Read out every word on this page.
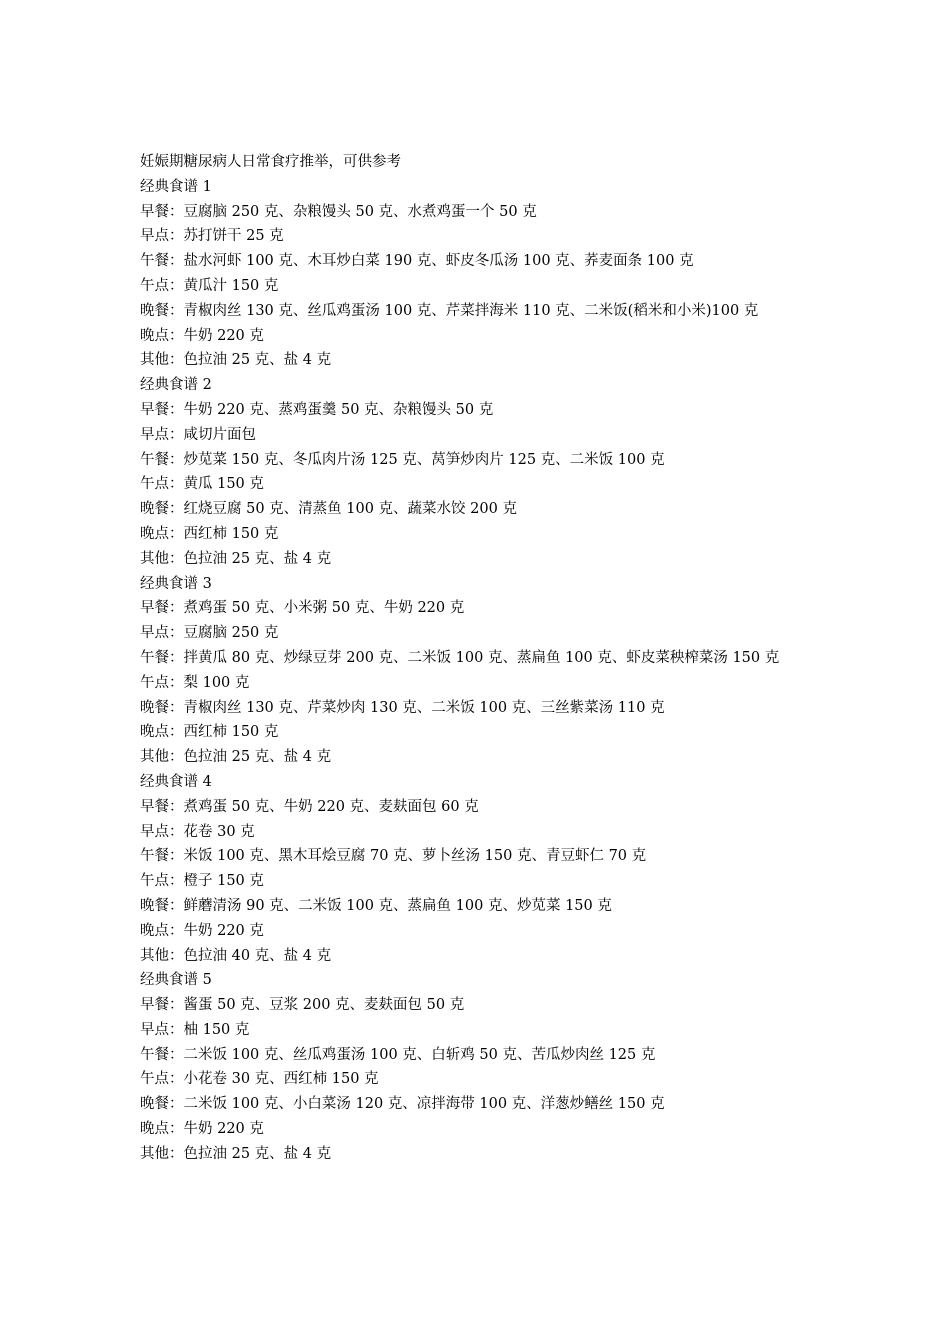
妊娠期糖尿病人日常食疗推举，可供参考

经典食谱 1

早餐：豆腐脑 250 克、杂粮馒头 50 克、水煮鸡蛋一个 50 克

早点：苏打饼干 25 克

午餐：盐水河虾 100 克、木耳炒白菜 190 克、虾皮冬瓜汤 100 克、荞麦面条 100 克

午点：黄瓜汁 150 克

晚餐：青椒肉丝 130 克、丝瓜鸡蛋汤 100 克、芹菜拌海米 110 克、二米饭(稻米和小米)100 克

晚点：牛奶 220 克

其他：色拉油 25 克、盐 4 克

经典食谱 2

早餐：牛奶 220 克、蒸鸡蛋羹 50 克、杂粮馒头 50 克

早点：咸切片面包

午餐：炒苋菜 150 克、冬瓜肉片汤 125 克、莴笋炒肉片 125 克、二米饭 100 克

午点：黄瓜 150 克

晚餐：红烧豆腐 50 克、清蒸鱼 100 克、蔬菜水饺 200 克

晚点：西红柿 150 克

其他：色拉油 25 克、盐 4 克

经典食谱 3

早餐：煮鸡蛋 50 克、小米粥 50 克、牛奶 220 克

早点：豆腐脑 250 克

午餐：拌黄瓜 80 克、炒绿豆芽 200 克、二米饭 100 克、蒸扁鱼 100 克、虾皮菜秧榨菜汤 150 克

午点：梨 100 克

晚餐：青椒肉丝 130 克、芹菜炒肉 130 克、二米饭 100 克、三丝紫菜汤 110 克

晚点：西红柿 150 克

其他：色拉油 25 克、盐 4 克

经典食谱 4

早餐：煮鸡蛋 50 克、牛奶 220 克、麦麸面包 60 克

早点：花卷 30 克

午餐：米饭 100 克、黑木耳烩豆腐 70 克、萝卜丝汤 150 克、青豆虾仁 70 克

午点：橙子 150 克

晚餐：鲜蘑清汤 90 克、二米饭 100 克、蒸扁鱼 100 克、炒苋菜 150 克

晚点：牛奶 220 克

其他：色拉油 40 克、盐 4 克

经典食谱 5

早餐：酱蛋 50 克、豆浆 200 克、麦麸面包 50 克

早点：柚 150 克

午餐：二米饭 100 克、丝瓜鸡蛋汤 100 克、白斩鸡 50 克、苦瓜炒肉丝 125 克

午点：小花卷 30 克、西红柿 150 克

晚餐：二米饭 100 克、小白菜汤 120 克、凉拌海带 100 克、洋葱炒鳝丝 150 克

晚点：牛奶 220 克

其他：色拉油 25 克、盐 4 克
